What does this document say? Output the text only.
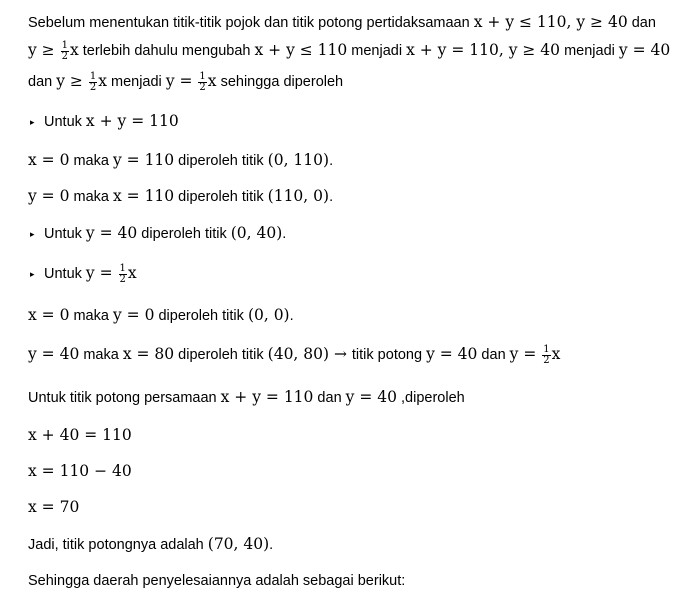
Sebelum menentukan titik-titik pojok dan titik potong pertidaksamaan x + y ≤ 110, y ≥ 40 dan
$y \ge \frac{1}{2}$ x terlebih dahulu mengubah x + y ≤ 110 menjadi x + y = 110, y ≥ 40 menjadi y = 40
dan $y \ge \frac{1}{2}$ x menjadi $y = \frac{1}{2}$ x sehingga diperoleh
▸ Untuk x + y = 110
x = 0 maka y = 110 diperoleh titik (0, 110).
y = 0 maka x = 110 diperoleh titik (110, 0).
▸ Untuk y = 40 diperoleh titik (0, 40).
▸ Untuk $y = \frac{1}{2}$ x
x = 0 maka y = 0 diperoleh titik (0, 0).
y = 40 maka x = 80 diperoleh titik (40, 80) → titik potong y = 40 dan $y = \frac{1}{2}$ x
Untuk titik potong persamaan x + y = 110 dan y = 40 ,diperoleh
x + 40 = 110
x = 110 − 40
x = 70
Jadi, titik potongnya adalah (70, 40).
Sehingga daerah penyelesaiannya adalah sebagai berikut:
